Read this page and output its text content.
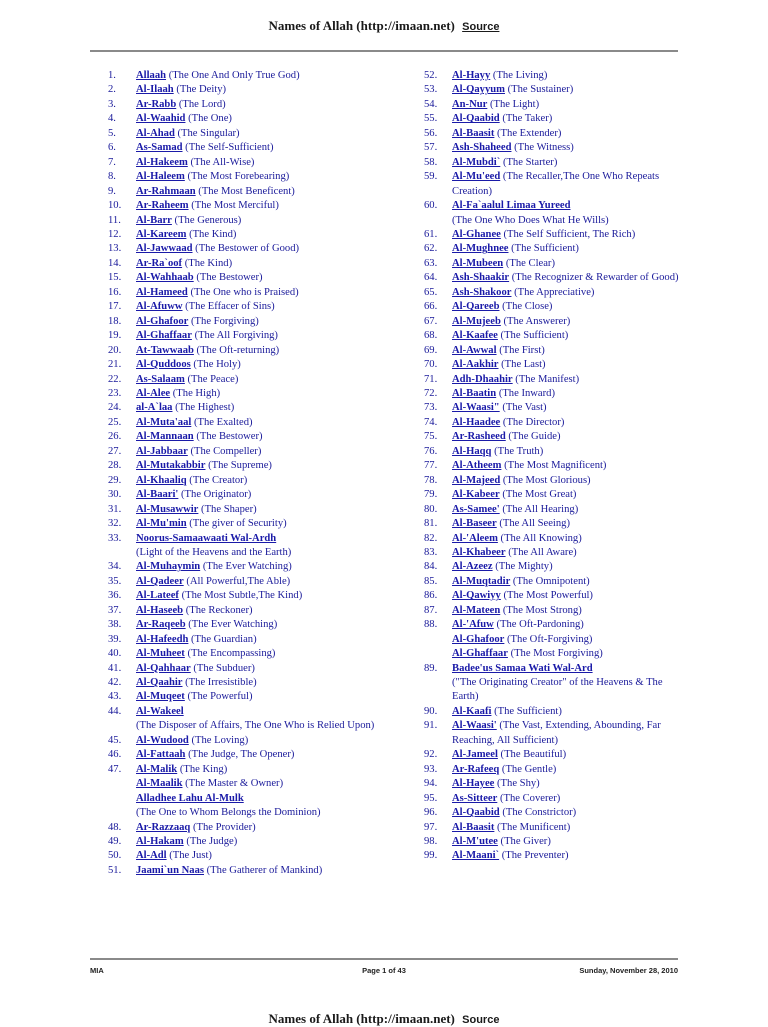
Names of Allah (http://imaan.net) Source
1.	Allaah (The One And Only True God)
2.	Al-Ilaah (The Deity)
3.	Ar-Rabb (The Lord)
4.	Al-Waahid (The One)
5.	Al-Ahad (The Singular)
6.	As-Samad (The Self-Sufficient)
7.	Al-Hakeem (The All-Wise)
8.	Al-Haleem (The Most Forebearing)
9.	Ar-Rahmaan (The Most Beneficent)
10.	Ar-Raheem (The Most Merciful)
11.	Al-Barr (The Generous)
12.	Al-Kareem (The Kind)
13.	Al-Jawwaad (The Bestower of Good)
14.	Ar-Ra`oof (The Kind)
15.	Al-Wahhaab (The Bestower)
16.	Al-Hameed (The One who is Praised)
17.	Al-Afuww (The Effacer of Sins)
18.	Al-Ghafoor (The Forgiving)
19.	Al-Ghaffaar (The All Forgiving)
20.	At-Tawwaab (The Oft-returning)
21.	Al-Quddoos (The Holy)
22.	As-Salaam (The Peace)
23.	Al-Alee (The High)
24.	al-A`laa (The Highest)
25.	Al-Muta'aal (The Exalted)
26.	Al-Mannaan (The Bestower)
27.	Al-Jabbaar (The Compeller)
28.	Al-Mutakabbir (The Supreme)
29.	Al-Khaaliq (The Creator)
30.	Al-Baari' (The Originator)
31.	Al-Musawwir (The Shaper)
32.	Al-Mu'min (The giver of Security)
33.	Noorus-Samaawaati Wal-Ardh
(Light of the Heavens and the Earth)
34.	Al-Muhaymin (The Ever Watching)
35.	Al-Qadeer (All Powerful,The Able)
36.	Al-Lateef (The Most Subtle,The Kind)
37.	Al-Haseeb (The Reckoner)
38.	Ar-Raqeeb (The Ever Watching)
39.	Al-Hafeedh (The Guardian)
40.	Al-Muheet (The Encompassing)
41.	Al-Qahhaar (The Subduer)
42.	Al-Qaahir (The Irresistible)
43.	Al-Muqeet (The Powerful)
44.	Al-Wakeel
(The Disposer of Affairs, The One Who is Relied Upon)
45.	Al-Wudood (The Loving)
46.	Al-Fattaah (The Judge, The Opener)
47.	Al-Malik (The King)
Al-Maalik (The Master & Owner)
Alladhee Lahu Al-Mulk
(The One to Whom Belongs the Dominion)
48.	Ar-Razzaaq (The Provider)
49.	Al-Hakam (The Judge)
50.	Al-Adl (The Just)
51.	Jaami`un Naas (The Gatherer of Mankind)
52.	Al-Hayy (The Living)
53.	Al-Qayyum (The Sustainer)
54.	An-Nur (The Light)
55.	Al-Qaabid (The Taker)
56.	Al-Baasit (The Extender)
57.	Ash-Shaheed (The Witness)
58.	Al-Mubdi` (The Starter)
59.	Al-Mu'eed (The Recaller,The One Who Repeats Creation)
60.	Al-Fa`aalul Limaa Yureed
(The One Who Does What He Wills)
61.	Al-Ghanee (The Self Sufficient, The Rich)
62.	Al-Mughnee (The Sufficient)
63.	Al-Mubeen (The Clear)
64.	Ash-Shaakir (The Recognizer & Rewarder of Good)
65.	Ash-Shakoor (The Appreciative)
66.	Al-Qareeb (The Close)
67.	Al-Mujeeb (The Answerer)
68.	Al-Kaafee (The Sufficient)
69.	Al-Awwal (The First)
70.	Al-Aakhir (The Last)
71.	Adh-Dhaahir (The Manifest)
72.	Al-Baatin (The Inward)
73.	Al-Waasi" (The Vast)
74.	Al-Haadee (The Director)
75.	Ar-Rasheed (The Guide)
76.	Al-Haqq (The Truth)
77.	Al-Atheem (The Most Magnificent)
78.	Al-Majeed (The Most Glorious)
79.	Al-Kabeer (The Most Great)
80.	As-Samee' (The All Hearing)
81.	Al-Baseer (The All Seeing)
82.	Al-'Aleem (The All Knowing)
83.	Al-Khabeer (The All Aware)
84.	Al-Azeez (The Mighty)
85.	Al-Muqtadir (The Omnipotent)
86.	Al-Qawiyy (The Most Powerful)
87.	Al-Mateen (The Most Strong)
88.	Al-'Afuw (The Oft-Pardoning)
Al-Ghafoor (The Oft-Forgiving)
Al-Ghaffaar (The Most Forgiving)
89.	Badee'us Samaa Wati Wal-Ard
("The Originating Creator" of the Heavens & The Earth)
90.	Al-Kaafi (The Sufficient)
91.	Al-Waasi' (The Vast, Extending, Abounding, Far Reaching, All Sufficient)
92.	Al-Jameel (The Beautiful)
93.	Ar-Rafeeq (The Gentle)
94.	Al-Hayee (The Shy)
95.	As-Sitteer (The Coverer)
96.	Al-Qaabid (The Constrictor)
97.	Al-Baasit (The Munificent)
98.	Al-M'utee (The Giver)
99.	Al-Maani` (The Preventer)
MIA	Page 1 of 43	Sunday, November 28, 2010
Names of Allah (http://imaan.net) Source
